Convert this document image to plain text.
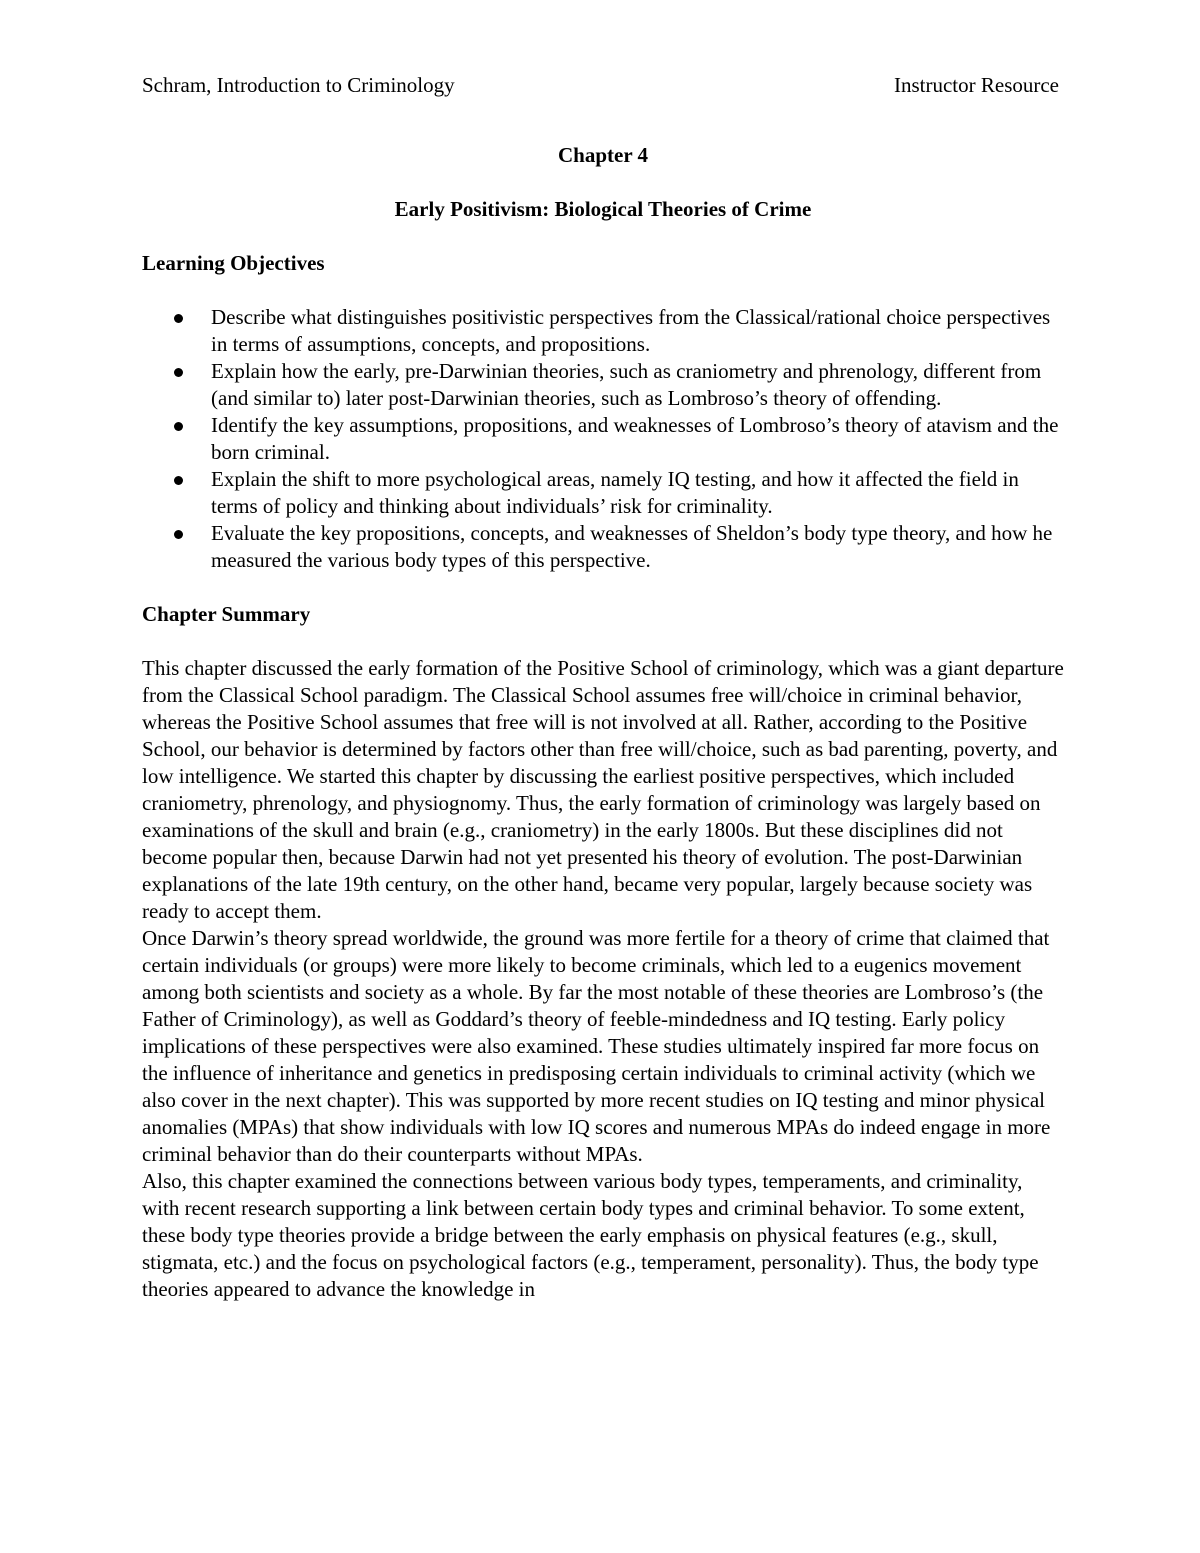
Schram, Introduction to Criminology	Instructor Resource

Chapter 4

Early Positivism: Biological Theories of Crime

Learning Objectives

Describe what distinguishes positivistic perspectives from the Classical/rational choice perspectives in terms of assumptions, concepts, and propositions.
Explain how the early, pre-Darwinian theories, such as craniometry and phrenology, different from (and similar to) later post-Darwinian theories, such as Lombroso’s theory of offending.
Identify the key assumptions, propositions, and weaknesses of Lombroso’s theory of atavism and the born criminal.
Explain the shift to more psychological areas, namely IQ testing, and how it affected the field in terms of policy and thinking about individuals’ risk for criminality.
Evaluate the key propositions, concepts, and weaknesses of Sheldon’s body type theory, and how he measured the various body types of this perspective.

Chapter Summary

This chapter discussed the early formation of the Positive School of criminology, which was a giant departure from the Classical School paradigm. The Classical School assumes free will/choice in criminal behavior, whereas the Positive School assumes that free will is not involved at all. Rather, according to the Positive School, our behavior is determined by factors other than free will/choice, such as bad parenting, poverty, and low intelligence. We started this chapter by discussing the earliest positive perspectives, which included craniometry, phrenology, and physiognomy. Thus, the early formation of criminology was largely based on examinations of the skull and brain (e.g., craniometry) in the early 1800s. But these disciplines did not become popular then, because Darwin had not yet presented his theory of evolution. The post-Darwinian explanations of the late 19th century, on the other hand, became very popular, largely because society was ready to accept them.

Once Darwin’s theory spread worldwide, the ground was more fertile for a theory of crime that claimed that certain individuals (or groups) were more likely to become criminals, which led to a eugenics movement among both scientists and society as a whole. By far the most notable of these theories are Lombroso’s (the Father of Criminology), as well as Goddard’s theory of feeble-mindedness and IQ testing. Early policy implications of these perspectives were also examined. These studies ultimately inspired far more focus on the influence of inheritance and genetics in predisposing certain individuals to criminal activity (which we also cover in the next chapter). This was supported by more recent studies on IQ testing and minor physical anomalies (MPAs) that show individuals with low IQ scores and numerous MPAs do indeed engage in more criminal behavior than do their counterparts without MPAs.

Also, this chapter examined the connections between various body types, temperaments, and criminality, with recent research supporting a link between certain body types and criminal behavior. To some extent, these body type theories provide a bridge between the early emphasis on physical features (e.g., skull, stigmata, etc.) and the focus on psychological factors (e.g., temperament, personality). Thus, the body type theories appeared to advance the knowledge in
